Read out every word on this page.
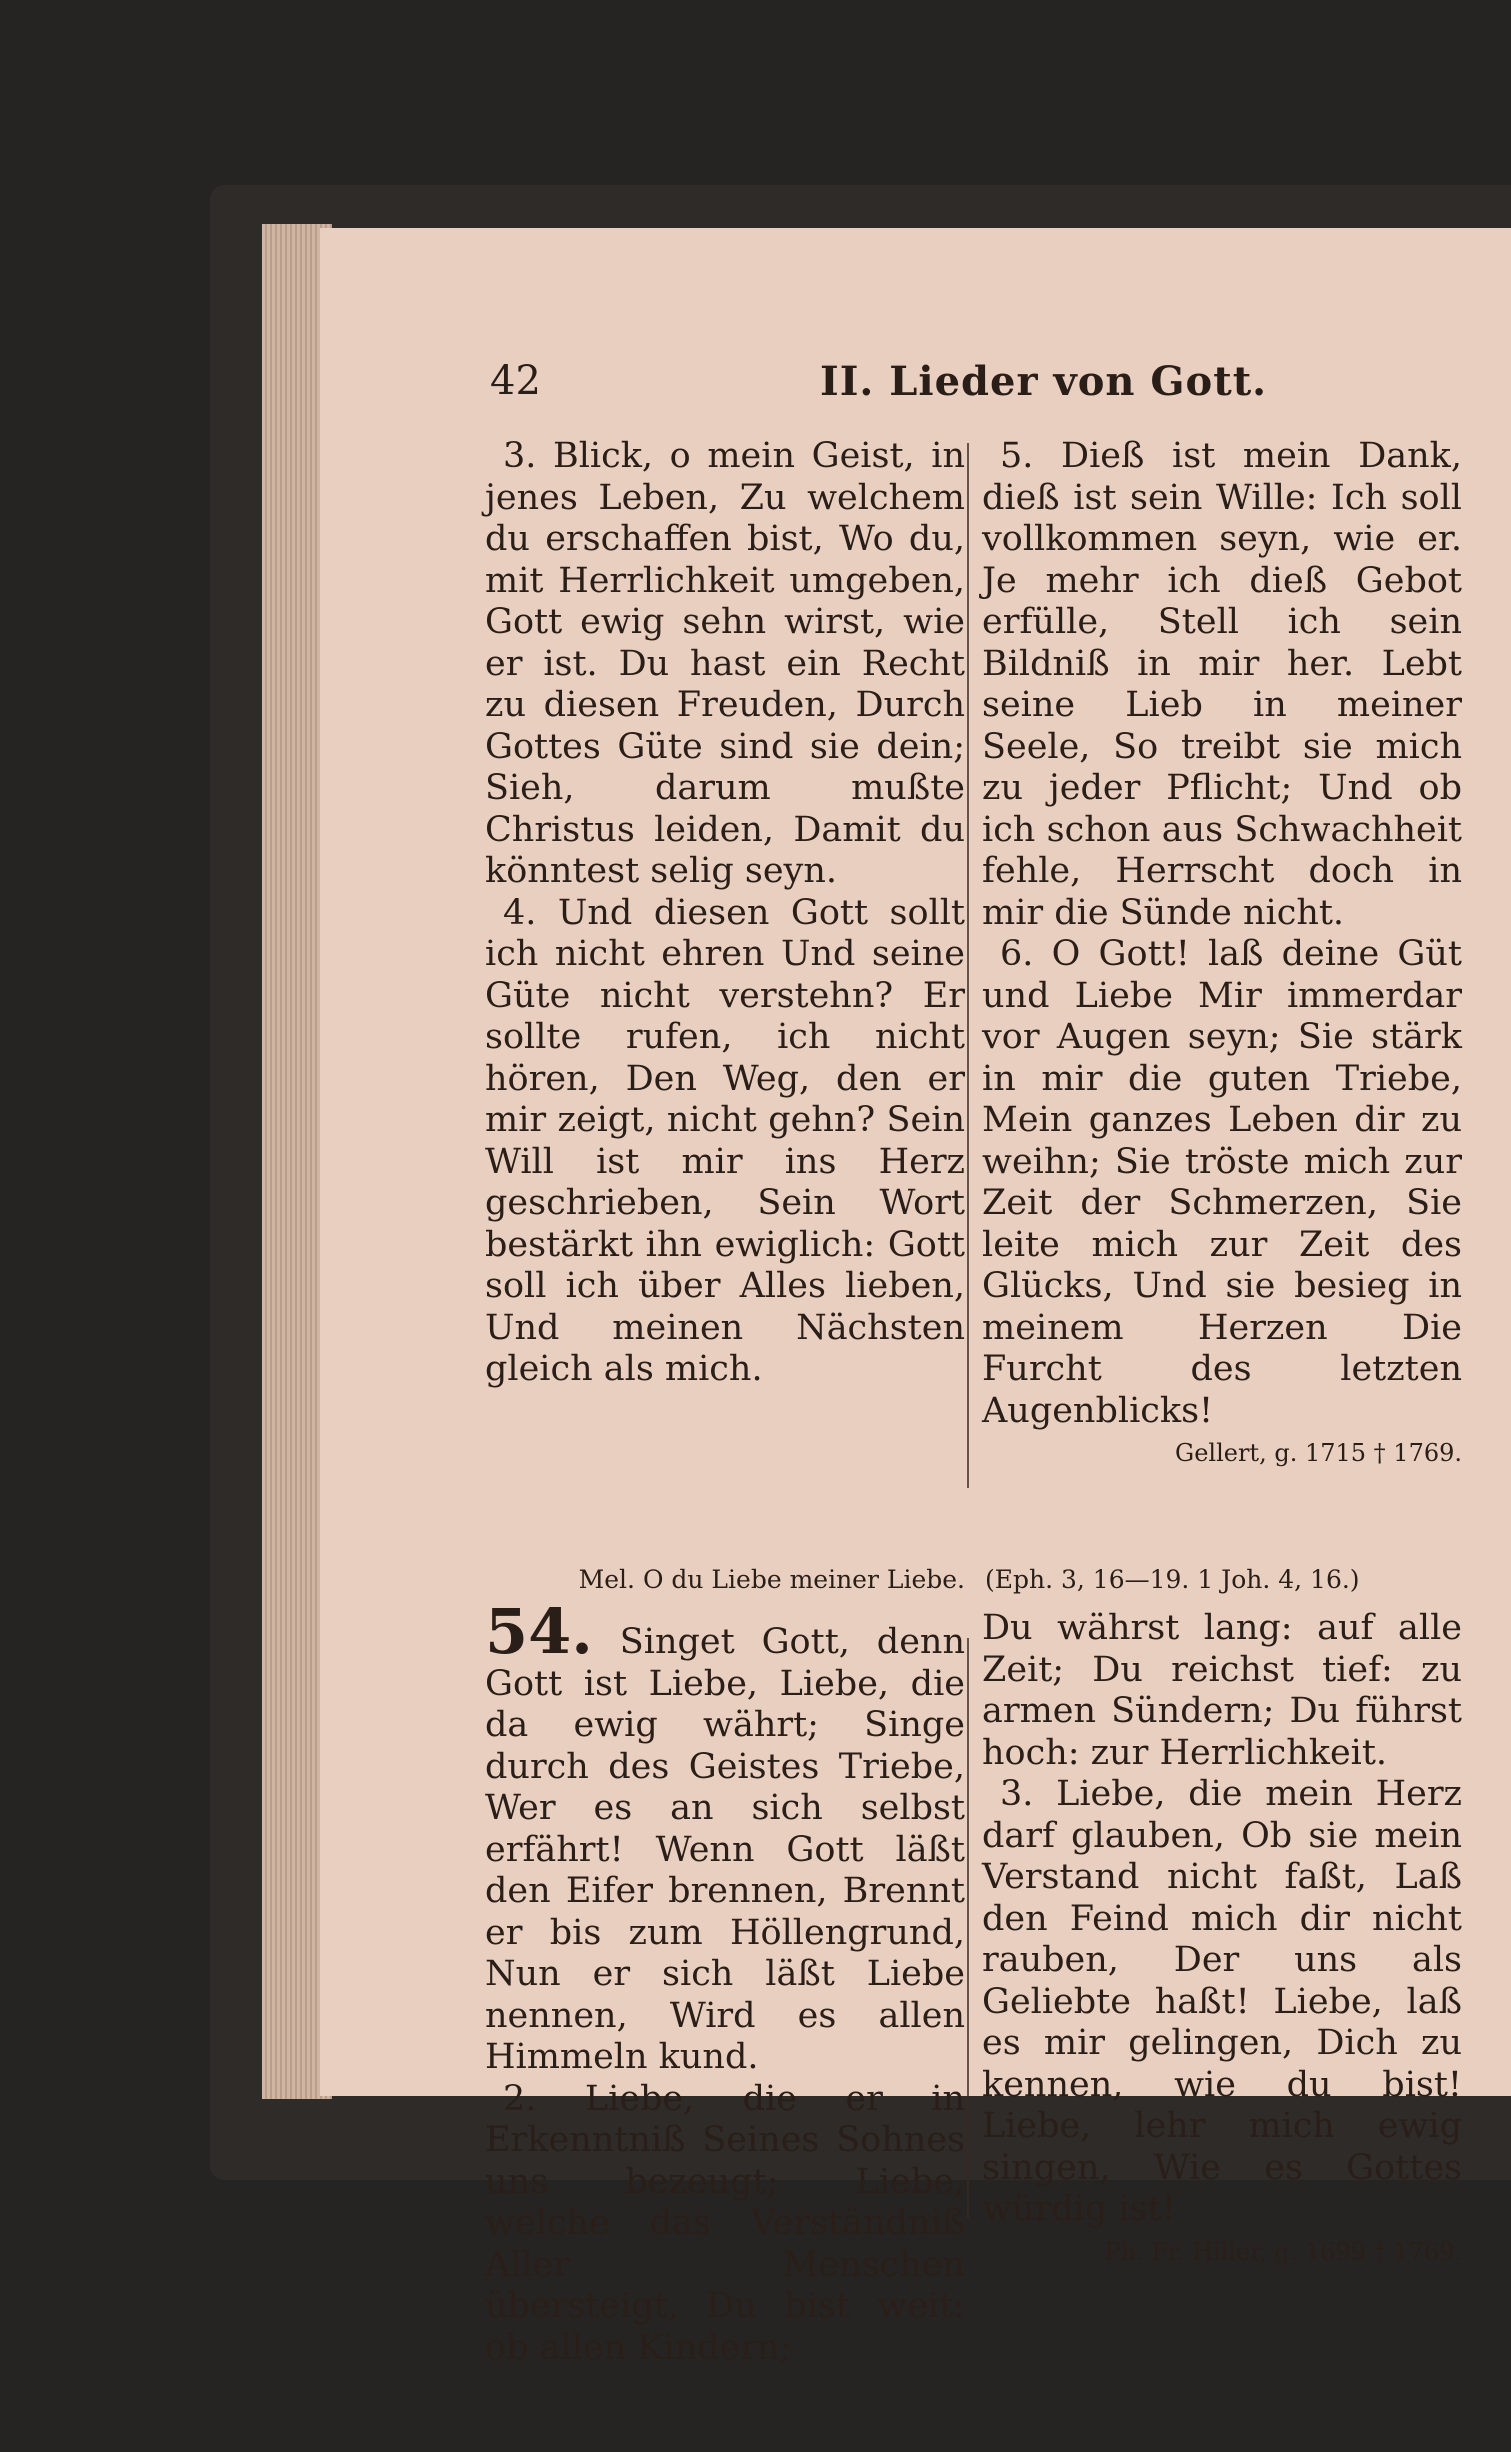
42	II. Lieder von Gott.

3. Blick, o mein Geist, in jenes Leben, Zu welchem du erschaffen bist, Wo du, mit Herrlichkeit umgeben, Gott ewig sehn wirst, wie er ist. Du hast ein Recht zu diesen Freuden, Durch Gottes Güte sind sie dein; Sieh, darum mußte Christus leiden, Damit du könntest selig seyn.

4. Und diesen Gott sollt ich nicht ehren Und seine Güte nicht verstehn? Er sollte rufen, ich nicht hören, Den Weg, den er mir zeigt, nicht gehn? Sein Will ist mir ins Herz geschrieben, Sein Wort bestärkt ihn ewiglich: Gott soll ich über Alles lieben, Und meinen Nächsten gleich als mich.

5. Dieß ist mein Dank, dieß ist sein Wille: Ich soll vollkommen seyn, wie er. Je mehr ich dieß Gebot erfülle, Stell ich sein Bildniß in mir her. Lebt seine Lieb in meiner Seele, So treibt sie mich zu jeder Pflicht; Und ob ich schon aus Schwachheit fehle, Herrscht doch in mir die Sünde nicht.

6. O Gott! laß deine Güt und Liebe Mir immerdar vor Augen seyn; Sie stärk in mir die guten Triebe, Mein ganzes Leben dir zu weihn; Sie tröste mich zur Zeit der Schmerzen, Sie leite mich zur Zeit des Glücks, Und sie besieg in meinem Herzen Die Furcht des letzten Augenblicks!

Gellert, g. 1715 † 1769.
Mel. O du Liebe meiner Liebe. (Eph. 3, 16—19. 1 Joh. 4, 16.)

54. Singet Gott, denn Gott ist Liebe, Liebe, die da ewig währt; Singe durch des Geistes Triebe, Wer es an sich selbst erfährt! Wenn Gott läßt den Eifer brennen, Brennt er bis zum Höllengrund, Nun er sich läßt Liebe nennen, Wird es allen Himmeln kund.

2. Liebe, die er in Erkenntniß Seines Sohnes uns bezeugt; Liebe, welche das Verständniß Aller Menschen übersteigt, Du bist weit: ob allen Kindern;

Du währst lang: auf alle Zeit; Du reichst tief: zu armen Sündern; Du führst hoch: zur Herrlichkeit.

3. Liebe, die mein Herz darf glauben, Ob sie mein Verstand nicht faßt, Laß den Feind mich dir nicht rauben, Der uns als Geliebte haßt! Liebe, laß es mir gelingen, Dich zu kennen, wie du bist! Liebe, lehr mich ewig singen, Wie es Gottes würdig ist!

Ph. Fr. Hiller, g. 1699 † 1769.
